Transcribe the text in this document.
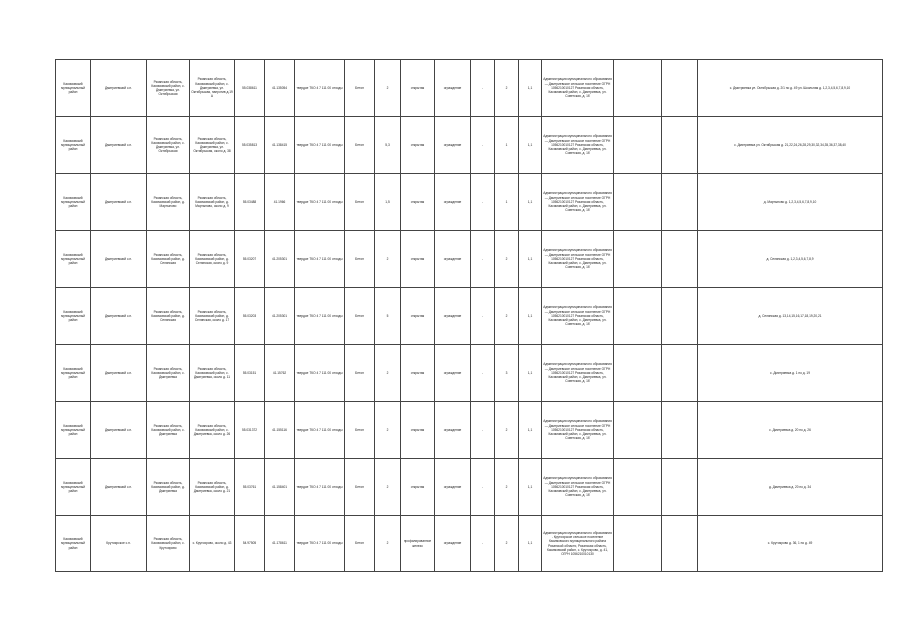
Касимовский муниципальный район	Дмитриевский с.п.	Рязанская область, Касимовский район, с. Дмитриевка, ул. Октябрьская	Рязанская область, Касимовский район, с. Дмитриевка, ул. Октябрьская, напротив д.19 А	55.038611	41.135054	твердое ТКО 4 7 111 00 отходы	Бетон	2	открытая	ограждение	-	2	1,1	Администрация муниципального образования — Дмитриевское сельское поселение ОГРН 1056210010127 Рязанская область, Касимовский район, с. Дмитриевка, ул. Советская, д. 1б			с. Дмитриевка ул. Октябрьская д. 2/1 по д. 49 ул. Школьная д. 1,2,3,4,5,6,7,8,9,10
Касимовский муниципальный район	Дмитриевский с.п.	Рязанская область, Касимовский район, с. Дмитриевка, ул. Октябрьская	Рязанская область, Касимовский район, с. Дмитриевка, ул. Октябрьская, около д. 38	55.035813	41.138415	твердое ТКО 4 7 111 00 отходы	Бетон	5,3	открытая	ограждение	-	1	1,1	Администрация муниципального образования — Дмитриевское сельское поселение ОГРН 1056210010127 Рязанская область, Касимовский район, с. Дмитриевка, ул. Советская, д. 1б			с. Дмитриевка ул. Октябрьская д. 21,22,24,26,28,29,30,32,34,35,36,37,38,40
Касимовский муниципальный район	Дмитриевский с.п.	Рязанская область, Касимовский район, д. Мартыново	Рязанская область, Касимовский район, д. Мартыново, около д. 9	55.03488	41.1966	твердое ТКО 4 7 111 00 отходы	Бетон	1,5	открытая	ограждение	-	1	1,1	Администрация муниципального образования — Дмитриевское сельское поселение ОГРН 1056210010127 Рязанская область, Касимовский район, с. Дмитриевка, ул. Советская, д. 1б			д. Мартыново д. 1,2,3,4,5,6,7,8,9,10
Касимовский муниципальный район	Дмитриевский с.п.	Рязанская область, Касимовский район, д. Селянская	Рязанская область, Касимовский район, д. Селянская, около д. 9	55.03207	41.205301	твердое ТКО 4 7 111 00 отходы	Бетон	2	открытая	ограждение	-	2	1,1	Администрация муниципального образования — Дмитриевское сельское поселение ОГРН 1056210010127 Рязанская область, Касимовский район, с. Дмитриевка, ул. Советская, д. 1б			д. Селянская д. 1,2,3,4,5,6,7,8,9
Касимовский муниципальный район	Дмитриевский с.п.	Рязанская область, Касимовский район, д. Селянская	Рязанская область, Касимовский район, д. Селянская, около д. 17	55.03203	41.205301	твердое ТКО 4 7 111 00 отходы	Бетон	5	открытая	ограждение	-	2	1,1	Администрация муниципального образования — Дмитриевское сельское поселение ОГРН 1056210010127 Рязанская область, Касимовский район, с. Дмитриевка, ул. Советская, д. 1б			д. Селянская д. 13,14,15,16,17,18,19,20,21
Касимовский муниципальный район	Дмитриевский с.п.	Рязанская область, Касимовский район, с. Дмитриевка	Рязанская область, Касимовский район, с. Дмитриевка, около д. 11	55.03151	41.15762	твердое ТКО 4 7 111 00 отходы	Бетон	2	открытая	ограждение	-	3	1,1	Администрация муниципального образования — Дмитриевское сельское поселение ОГРН 1056210010127 Рязанская область, Касимовский район, с. Дмитриевка, ул. Советская, д. 1б			с. Дмитриевка д. 1 по д. 19
Касимовский муниципальный район	Дмитриевский с.п.	Рязанская область, Касимовский район, с. Дмитриевка	Рязанская область, Касимовский район, с. Дмитриевка, около д. 26	55.031372	41.155116	твердое ТКО 4 7 111 00 отходы	Бетон	2	открытая	ограждение	-	2	1,1	Администрация муниципального образования — Дмитриевское сельское поселение ОГРН 1056210010127 Рязанская область, Касимовский район, с. Дмитриевка, ул. Советская, д. 1б			с. Дмитриевка д. 20 по д. 26
Касимовский муниципальный район	Дмитриевский с.п.	Рязанская область, Касимовский район, д. Дмитриевка	Рязанская область, Касимовский район, д. Дмитриевка, около д. 21	55.03761	41.158401	твердое ТКО 4 7 111 00 отходы	Бетон	2	открытая	ограждение	-	2	1,1	Администрация муниципального образования — Дмитриевское сельское поселение ОГРН 1056210010127 Рязанская область, Касимовский район, с. Дмитриевка, ул. Советская, д. 1б			д. Дмитриевка д. 20 по д. 34
Касимовский муниципальный район	Крутоярское с.п.	Рязанская область, Касимовский район, с. Крутоярово	с. Крутоярово, около д. 43	54.97505	41.178611	твердое ТКО 4 7 111 00 отходы	Бетон	2	профилированное железо	ограждение	-	2	1,1	Администрация муниципального образования - Крутоярское сельское поселение Касимовского муниципального района Рязанской области, Рязанская область, Касимовский район, с. Крутоярово, д. 41, ОГРН 1056210010130			с. Крутоярово д. 36, 1 по д. 49
